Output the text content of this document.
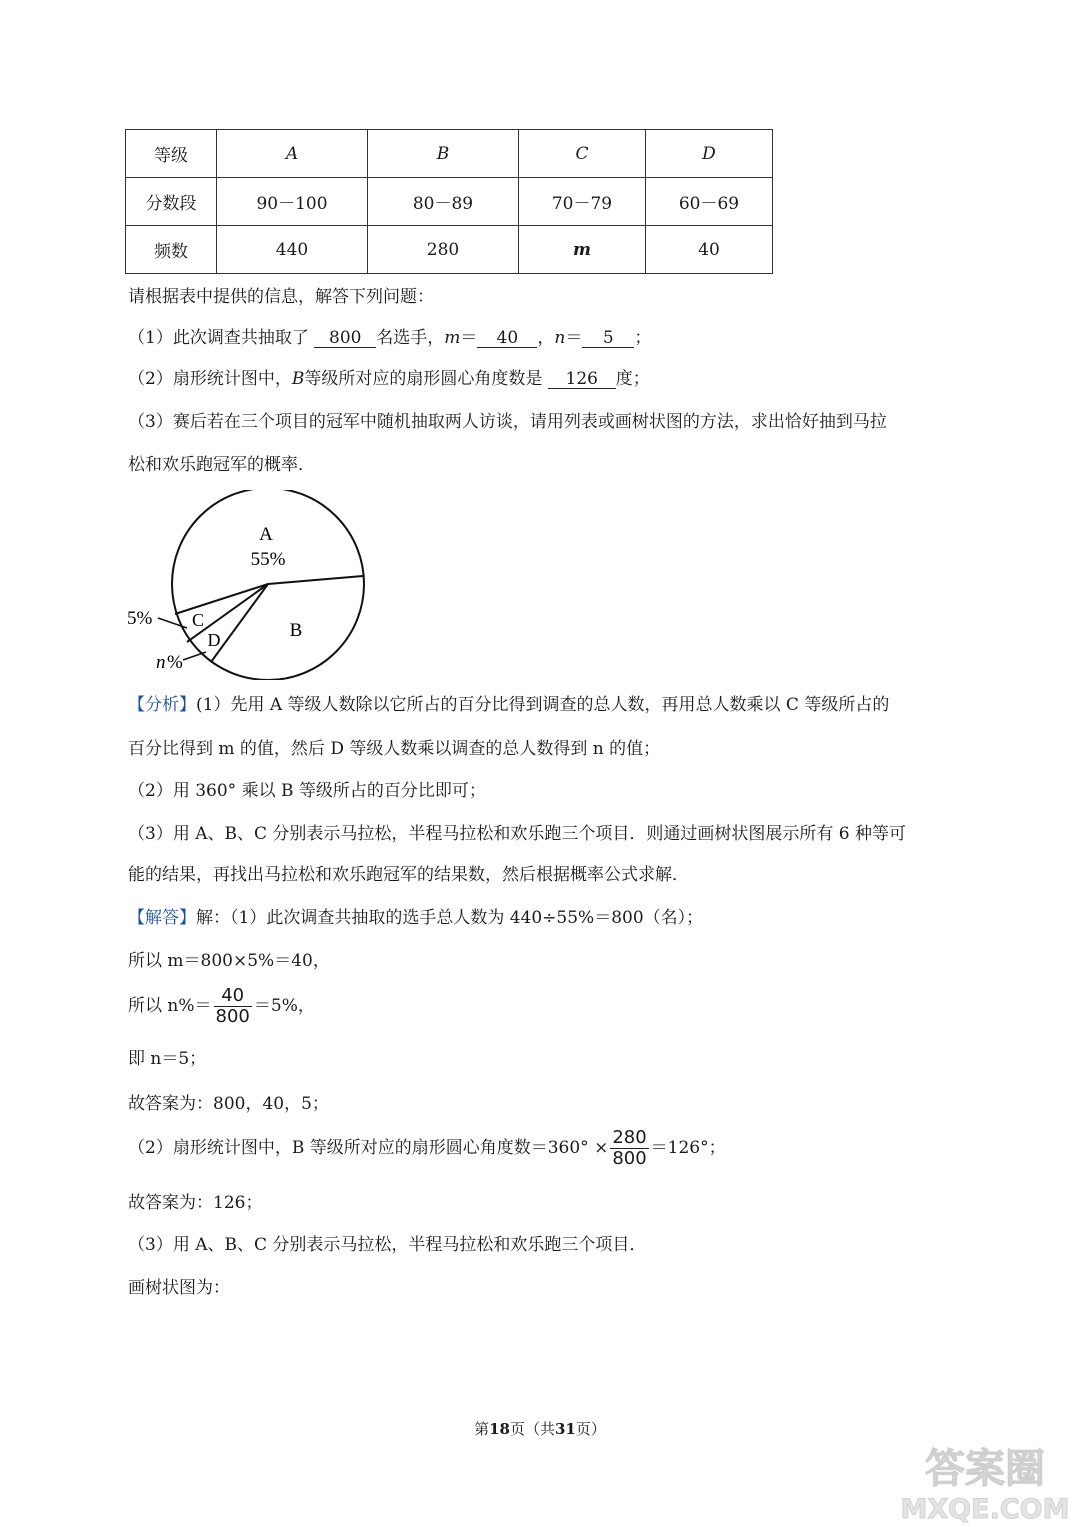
等级	A	B	C	D
分数段	90－100	80－89	70－79	60－69
频数	440	280	m	40
请根据表中提供的信息，解答下列问题：
（1）此次调查共抽取了 800 名选手，m＝ 40 ，n＝ 5 ；
（2）扇形统计图中，B等级所对应的扇形圆心角度数是 126 度；
（3）赛后若在三个项目的冠军中随机抽取两人访谈，请用列表或画树状图的方法，求出恰好抽到马拉
松和欢乐跑冠军的概率．
A
55%
B
C
D
5%
n %
【分析】(1）先用 A 等级人数除以它所占的百分比得到调查的总人数，再用总人数乘以 C 等级所占的
百分比得到 m 的值，然后 D 等级人数乘以调查的总人数得到 n 的值；
（2）用 360° 乘以 B 等级所占的百分比即可；
（3）用 A、B、C 分别表示马拉松，半程马拉松和欢乐跑三个项目．则通过画树状图展示所有 6 种等可
能的结果，再找出马拉松和欢乐跑冠军的结果数，然后根据概率公式求解．
【解答】解：（1）此次调查共抽取的选手总人数为 440÷55%＝800（名）；
所以 m＝800×5%＝40，
所以 $n\%= \frac{40}{800} =5\%$，
即 n＝5；
故答案为：800，40，5；
（2）扇形统计图中，B 等级所对应的扇形圆心角度数$=360^\circ \times \frac{280}{800} =126^\circ$；
故答案为：126；
（3）用 A、B、C 分别表示马拉松，半程马拉松和欢乐跑三个项目．
画树状图为：
第18页（共31页）
答案圈
MXQE.COM
